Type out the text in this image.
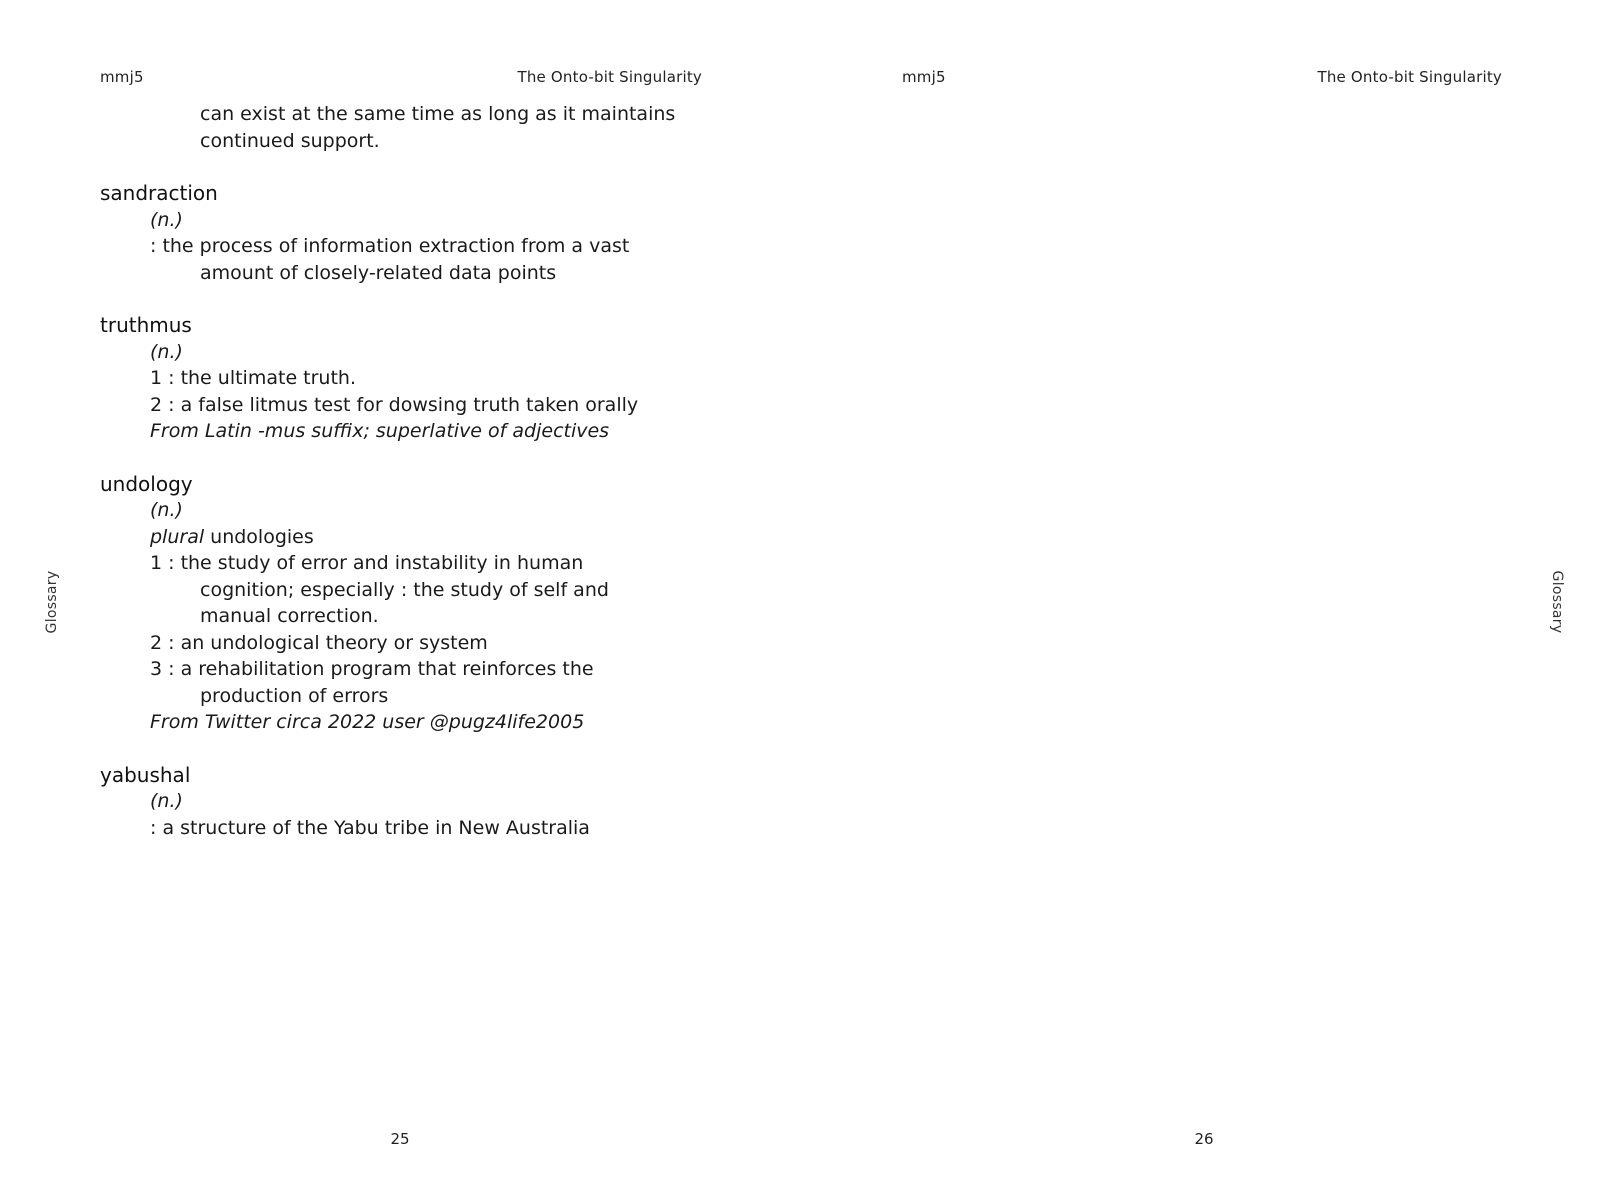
mmj5	The Onto-bit Singularity
Glossary
can exist at the same time as long as it maintains
continued support.
sandraction
(n.)
: the process of information extraction from a vast
amount of closely-related data points
truthmus
(n.)
1 : the ultimate truth.
2 : a false litmus test for dowsing truth taken orally
From Latin -mus suffix; superlative of adjectives
undology
(n.)
plural undologies
1 : the study of error and instability in human
cognition; especially : the study of self and
manual correction.
2 : an undological theory or system
3 : a rehabilitation program that reinforces the
production of errors
From Twitter circa 2022 user @pugz4life2005
yabushal
(n.)
: a structure of the Yabu tribe in New Australia
25
mmj5	The Onto-bit Singularity
Glossary
26
